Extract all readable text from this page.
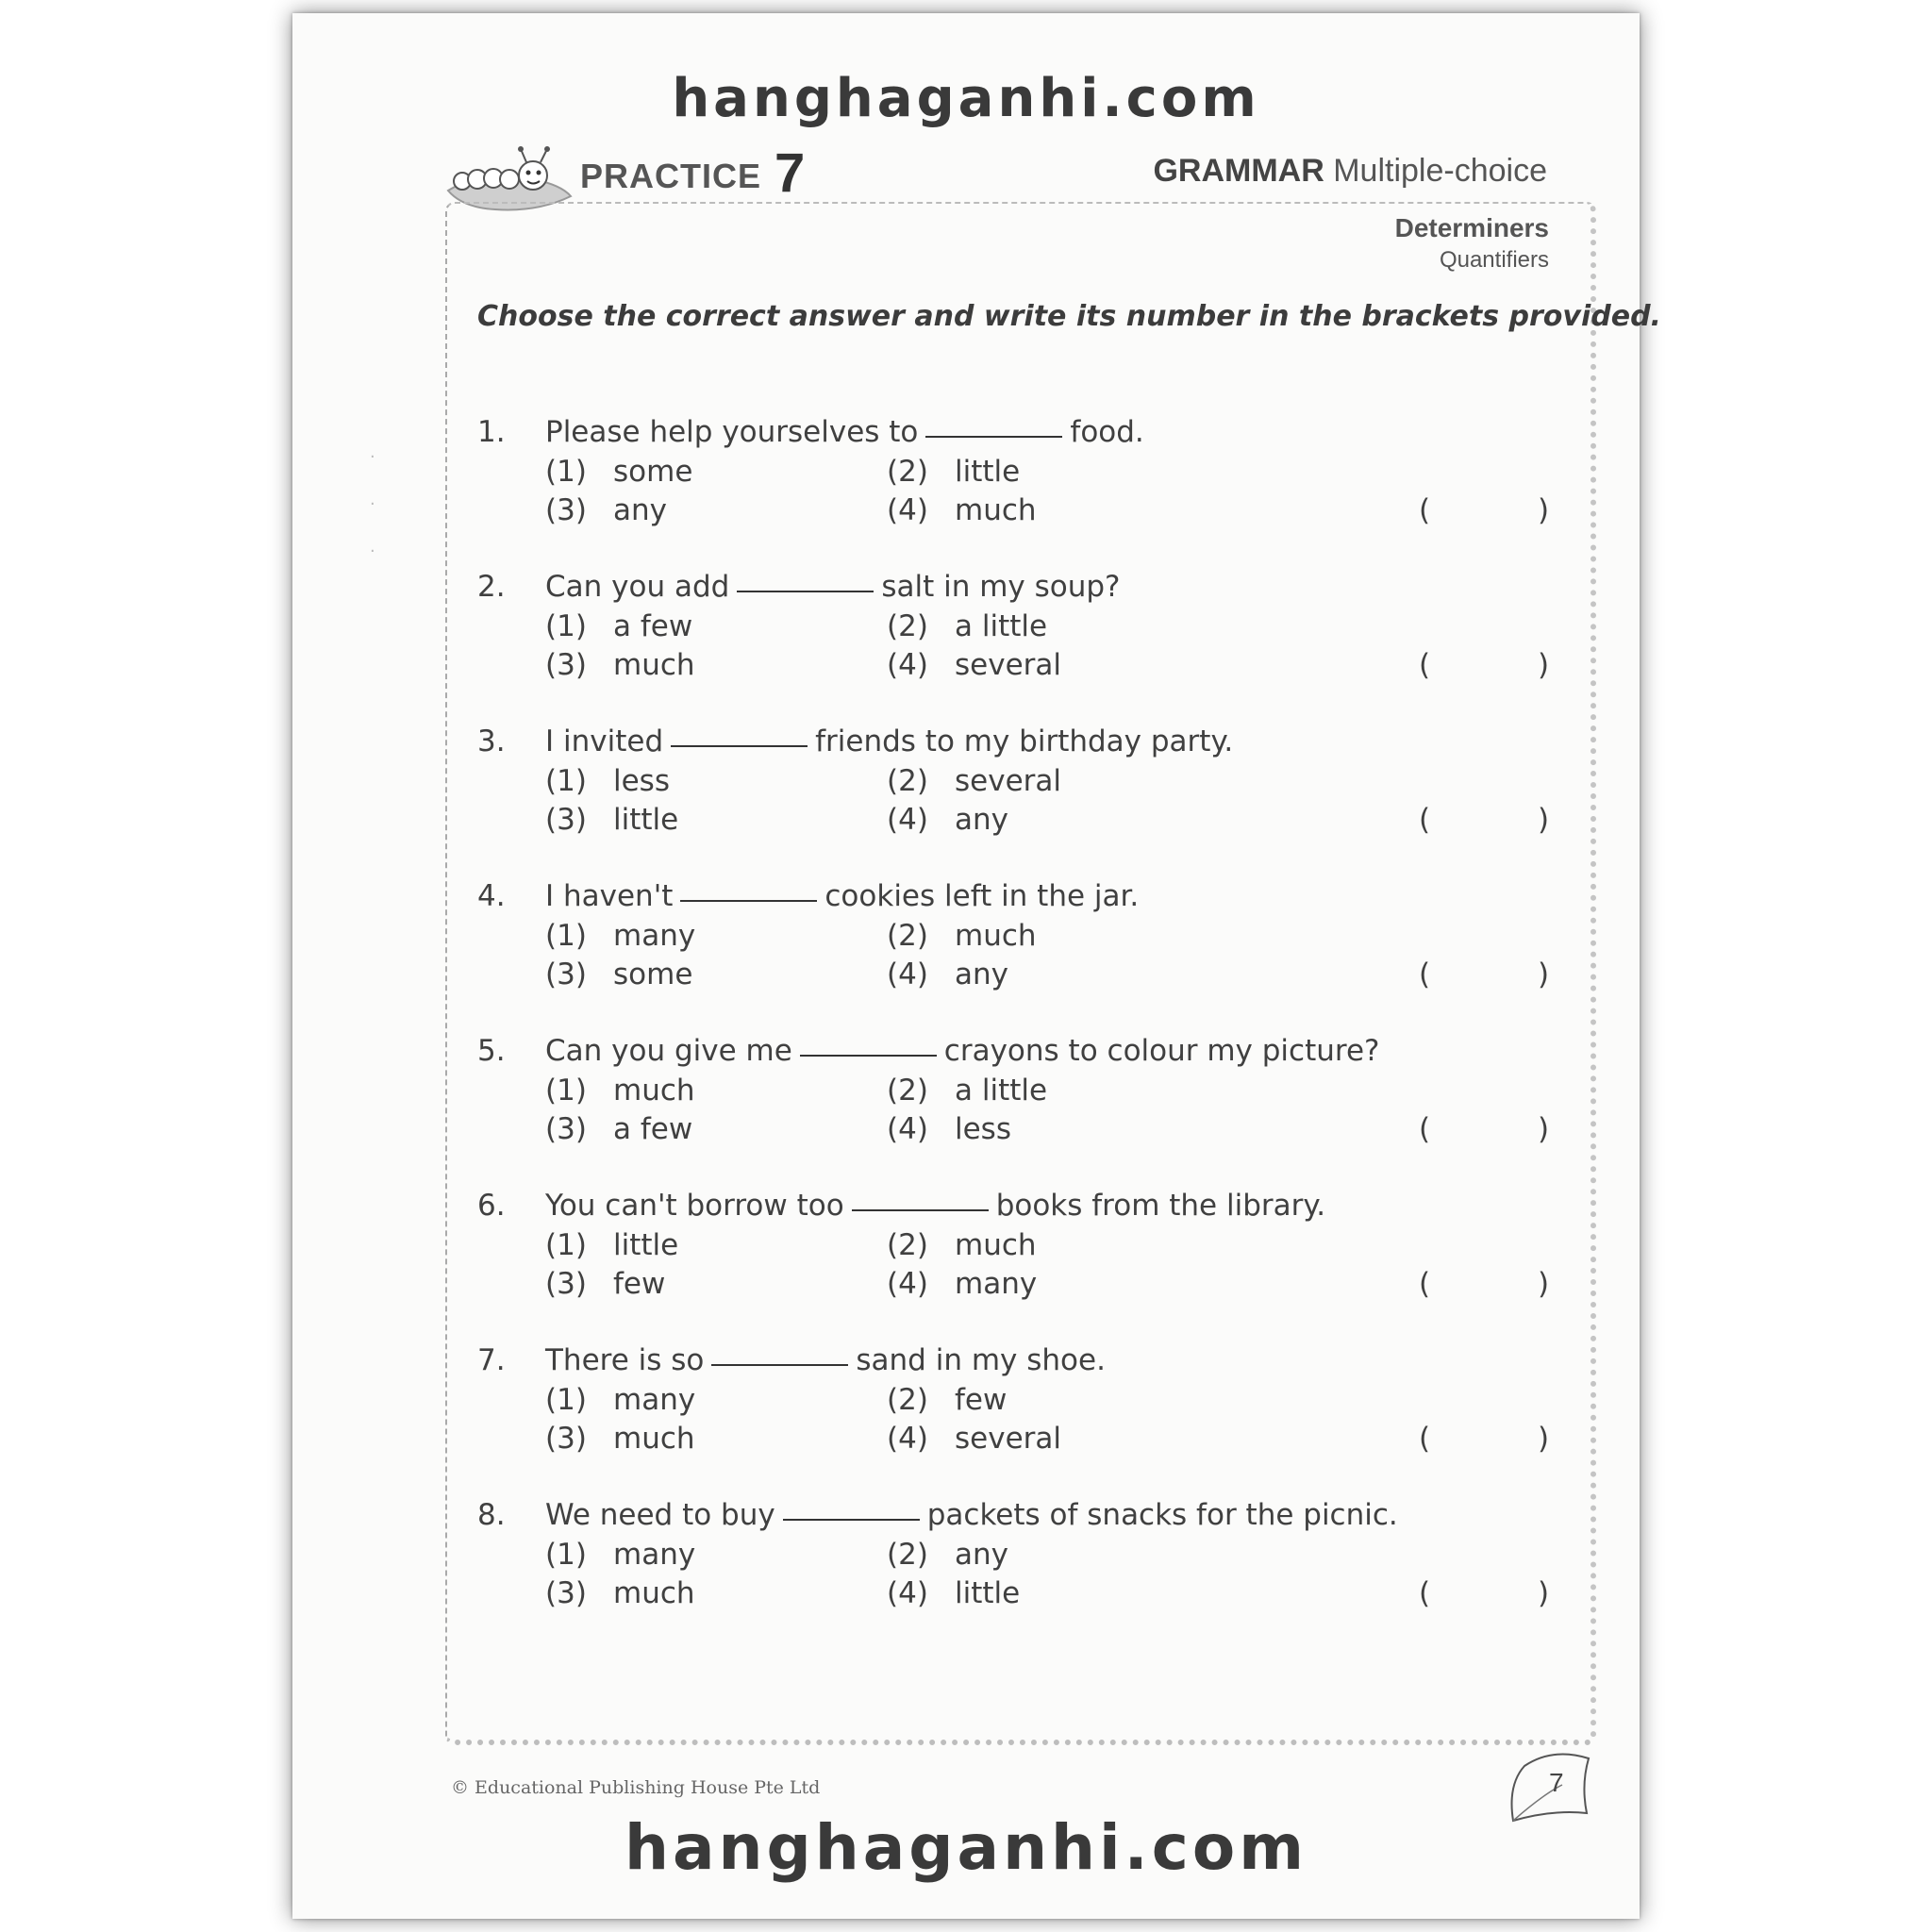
hanghaganhi.com
PRACTICE 7	GRAMMAR Multiple-choice
Determiners
Quantifiers
Choose the correct answer and write its number in the brackets provided.
·
·
·
1. Please help yourselves to	food.
(1) some	(2) little
(3) any	(4) much	(	)
2. Can you add	salt in my soup?
(1) a few	(2) a little
(3) much	(4) several	(	)
3. I invited	friends to my birthday party.
(1) less	(2) several
(3) little	(4) any	(	)
4. I haven't	cookies left in the jar.
(1) many	(2) much
(3) some	(4) any	(	)
5. Can you give me	crayons to colour my picture?
(1) much	(2) a little
(3) a few	(4) less	(	)
6. You can't borrow too	books from the library.
(1) little	(2) much
(3) few	(4) many	(	)
7. There is so	sand in my shoe.
(1) many	(2) few
(3) much	(4) several	(	)
8. We need to buy	packets of snacks for the picnic.
(1) many	(2) any
(3) much	(4) little	(	)
© Educational Publishing House Pte Ltd	7
hanghaganhi.com
